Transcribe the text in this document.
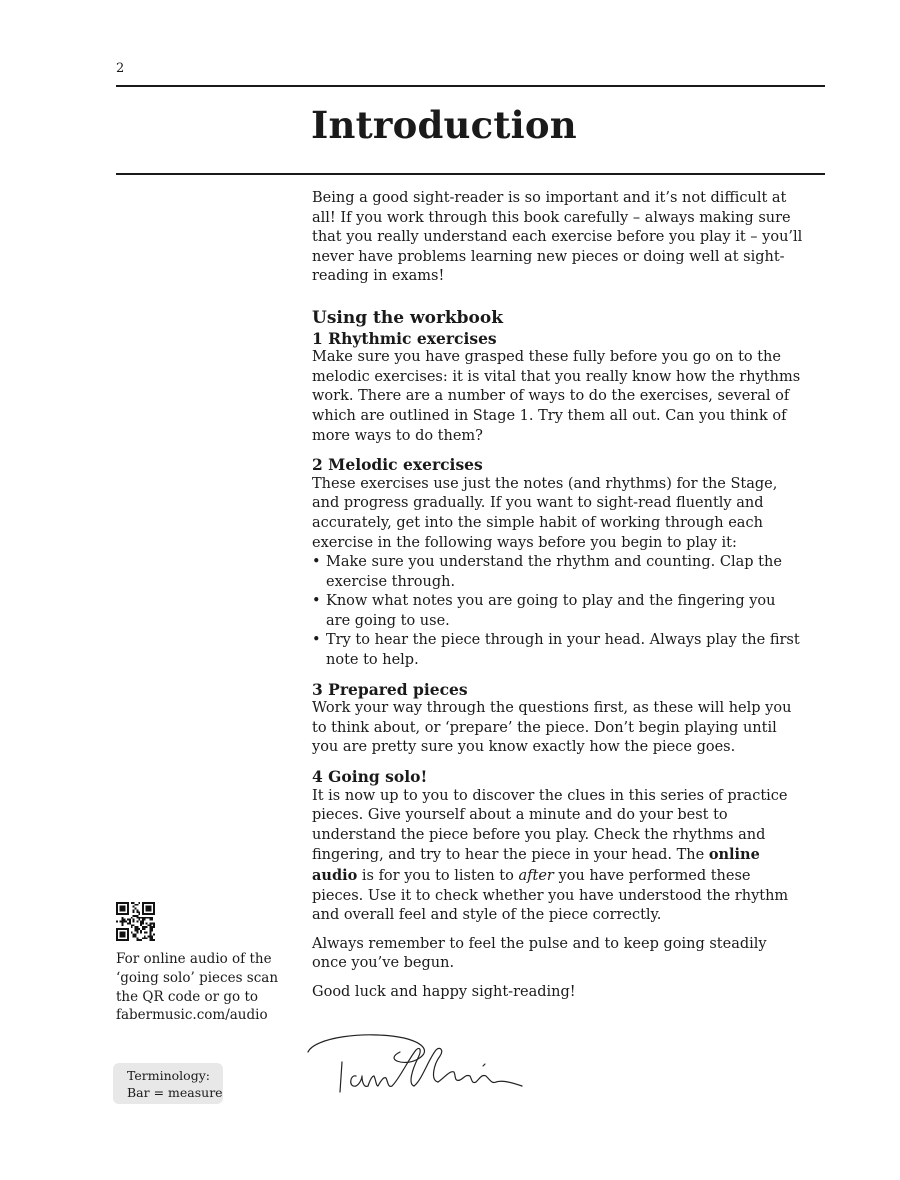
2
Introduction

Being a good sight-reader is so important and it’s not difficult at all! If you work through this book carefully – always making sure that you really understand each exercise before you play it – you’ll never have problems learning new pieces or doing well at sight-reading in exams!

Using the workbook

1 Rhythmic exercises

Make sure you have grasped these fully before you go on to the melodic exercises: it is vital that you really know how the rhythms work. There are a number of ways to do the exercises, several of which are outlined in Stage 1. Try them all out. Can you think of more ways to do them?

2 Melodic exercises

These exercises use just the notes (and rhythms) for the Stage, and progress gradually. If you want to sight-read fluently and accurately, get into the simple habit of working through each exercise in the following ways before you begin to play it:

• Make sure you understand the rhythm and counting. Clap the exercise through.
• Know what notes you are going to play and the fingering you are going to use.
• Try to hear the piece through in your head. Always play the first note to help.

3 Prepared pieces

Work your way through the questions first, as these will help you to think about, or ‘prepare’ the piece. Don’t begin playing until you are pretty sure you know exactly how the piece goes.

4 Going solo!

It is now up to you to discover the clues in this series of practice pieces. Give yourself about a minute and do your best to understand the piece before you play. Check the rhythms and fingering, and try to hear the piece in your head. The online audio is for you to listen to after you have performed these pieces. Use it to check whether you have understood the rhythm and overall feel and style of the piece correctly.

Always remember to feel the pulse and to keep going steadily once you’ve begun.

Good luck and happy sight-reading!

For online audio of the ‘going solo’ pieces scan the QR code or go to fabermusic.com/audio
Terminology:
Bar = measure
